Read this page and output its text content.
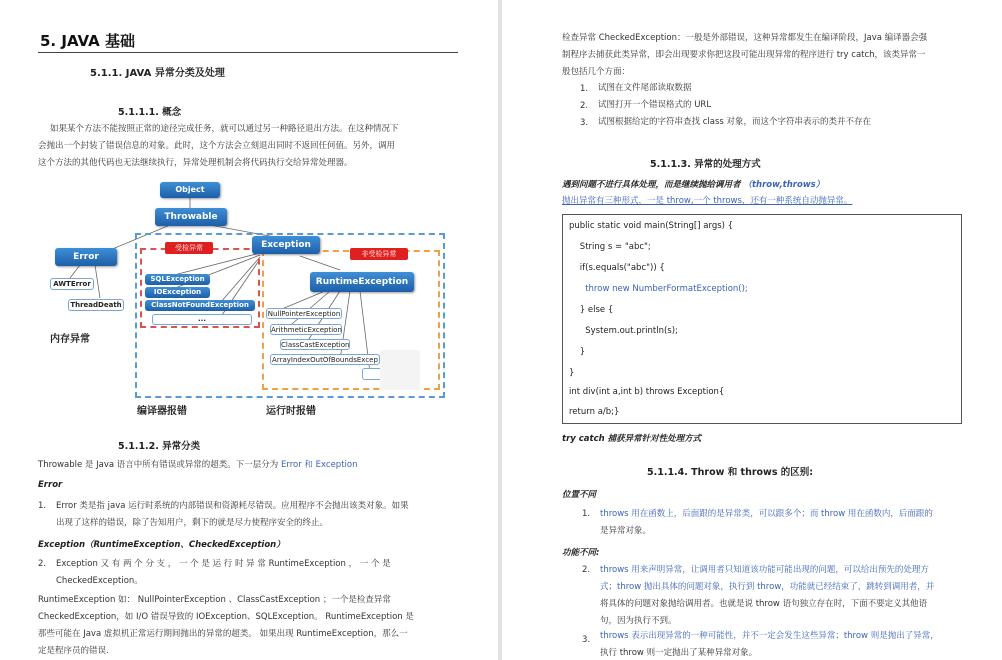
5. JAVA 基础
5.1.1. JAVA 异常分类及处理
5.1.1.1. 概念
如果某个方法不能按照正常的途径完成任务，就可以通过另一种路径退出方法。在这种情况下
会抛出一个封装了错误信息的对象。此时，这个方法会立刻退出同时不返回任何值。另外，调用
这个方法的其他代码也无法继续执行，异常处理机制会将代码执行交给异常处理器。
Object
Throwable
Error
Exception
RuntimeException
AWTError
ThreadDeath
SQLException
IOException
ClassNotFoundException
...
NullPointerException
ArithmeticException
ClassCastException
ArrayIndexOutOfBoundsExcep
受检异常
非受检异常
内存异常
编译器报错	运行时报错
5.1.1.2. 异常分类
Throwable 是 Java 语言中所有错误或异常的超类。下一层分为 Error 和 Exception
Error
1. Error 类是指 java 运行时系统的内部错误和资源耗尽错误。应用程序不会抛出该类对象。如果
出现了这样的错误，除了告知用户，剩下的就是尽力使程序安全的终止。
Exception（RuntimeException、CheckedException）
2. Exception 又 有 两 个 分 支 ， 一 个 是 运 行 时 异 常 RuntimeException ， 一 个 是
CheckedException。
RuntimeException 如： NullPointerException 、ClassCastException ；一个是检查异常
CheckedException，如 I/O 错误导致的 IOException、SQLException。 RuntimeException 是
那些可能在 Java 虚拟机正常运行期间抛出的异常的超类。 如果出现 RuntimeException，那么一
定是程序员的错误.
检查异常 CheckedException：一般是外部错误，这种异常都发生在编译阶段，Java 编译器会强
制程序去捕获此类异常，即会出现要求你把这段可能出现异常的程序进行 try catch，该类异常一
般包括几个方面：
1. 试图在文件尾部读取数据
2. 试图打开一个错误格式的 URL
3. 试图根据给定的字符串查找 class 对象，而这个字符串表示的类并不存在
5.1.1.3. 异常的处理方式
遇到问题不进行具体处理，而是继续抛给调用者 （throw,throws）
抛出异常有三种形式，一是 throw,一个 throws，还有一种系统自动抛异常。
public static void main(String[] args) {
String s = "abc";
if(s.equals("abc")) {
throw new NumberFormatException();
} else {
System.out.println(s);
}
}
int div(int a,int b) throws Exception{
return a/b;}
try catch 捕获异常针对性处理方式
5.1.1.4. Throw 和 throws 的区别:
位置不同
1. throws 用在函数上，后面跟的是异常类，可以跟多个；而 throw 用在函数内，后面跟的
是异常对象。
功能不同:
2. throws 用来声明异常，让调用者只知道该功能可能出现的问题，可以给出预先的处理方
式；throw 抛出具体的问题对象，执行到 throw，功能就已经结束了，跳转到调用者，并
将具体的问题对象抛给调用者。也就是说 throw 语句独立存在时，下面不要定义其他语
句，因为执行不到。
3. throws 表示出现异常的一种可能性，并不一定会发生这些异常；throw 则是抛出了异常，
执行 throw 则一定抛出了某种异常对象。
